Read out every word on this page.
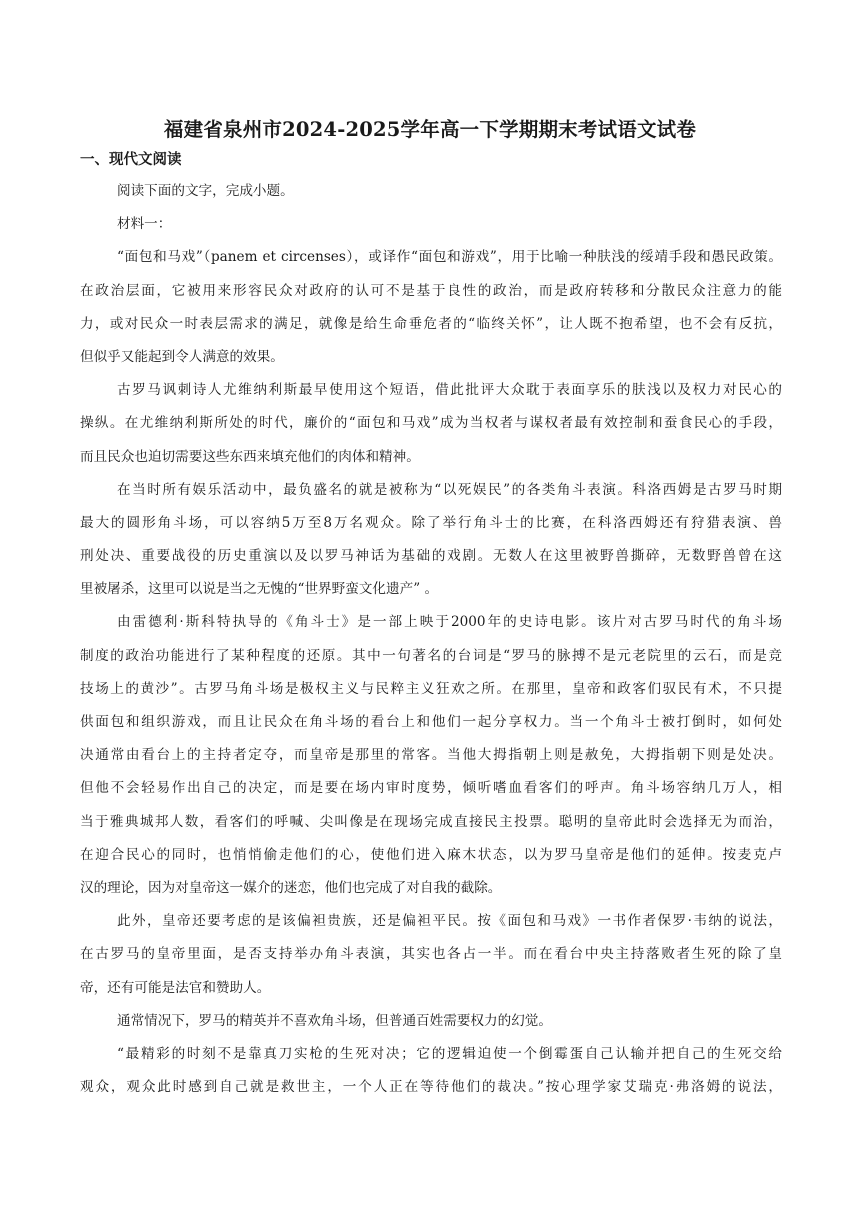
福建省泉州市2024-2025学年高一下学期期末考试语文试卷
一、现代文阅读
阅读下面的文字，完成小题。
材料一：
“面包和马戏”（panem et circenses），或译作“面包和游戏”，用于比喻一种肤浅的绥靖手段和愚民政策。
在政治层面，它被用来形容民众对政府的认可不是基于良性的政治，而是政府转移和分散民众注意力的能
力，或对民众一时表层需求的满足，就像是给生命垂危者的“临终关怀”，让人既不抱希望，也不会有反抗，
但似乎又能起到令人满意的效果。
古罗马讽刺诗人尤维纳利斯最早使用这个短语，借此批评大众耽于表面享乐的肤浅以及权力对民心的
操纵。在尤维纳利斯所处的时代，廉价的“面包和马戏”成为当权者与谋权者最有效控制和蚕食民心的手段，
而且民众也迫切需要这些东西来填充他们的肉体和精神。
在当时所有娱乐活动中，最负盛名的就是被称为“以死娱民”的各类角斗表演。科洛西姆是古罗马时期
最大的圆形角斗场，可以容纳5万至8万名观众。除了举行角斗士的比赛，在科洛西姆还有狩猎表演、兽
刑处决、重要战役的历史重演以及以罗马神话为基础的戏剧。无数人在这里被野兽撕碎，无数野兽曾在这
里被屠杀，这里可以说是当之无愧的“世界野蛮文化遗产” 。
由雷德利·斯科特执导的《角斗士》是一部上映于2000年的史诗电影。该片对古罗马时代的角斗场
制度的政治功能进行了某种程度的还原。其中一句著名的台词是“罗马的脉搏不是元老院里的云石，而是竞
技场上的黄沙”。古罗马角斗场是极权主义与民粹主义狂欢之所。在那里，皇帝和政客们驭民有术，不只提
供面包和组织游戏，而且让民众在角斗场的看台上和他们一起分享权力。当一个角斗士被打倒时，如何处
决通常由看台上的主持者定夺，而皇帝是那里的常客。当他大拇指朝上则是赦免，大拇指朝下则是处决。
但他不会轻易作出自己的决定，而是要在场内审时度势，倾听嗜血看客们的呼声。角斗场容纳几万人，相
当于雅典城邦人数，看客们的呼喊、尖叫像是在现场完成直接民主投票。聪明的皇帝此时会选择无为而治，
在迎合民心的同时，也悄悄偷走他们的心，使他们进入麻木状态，以为罗马皇帝是他们的延伸。按麦克卢
汉的理论，因为对皇帝这一媒介的迷恋，他们也完成了对自我的截除。
此外，皇帝还要考虑的是该偏袒贵族，还是偏袒平民。按《面包和马戏》一书作者保罗·韦纳的说法，
在古罗马的皇帝里面，是否支持举办角斗表演，其实也各占一半。而在看台中央主持落败者生死的除了皇
帝，还有可能是法官和赞助人。
通常情况下，罗马的精英并不喜欢角斗场，但普通百姓需要权力的幻觉。
“最精彩的时刻不是靠真刀实枪的生死对决；它的逻辑迫使一个倒霉蛋自己认输并把自己的生死交给
观众，观众此时感到自己就是救世主，一个人正在等待他们的裁决。”按心理学家艾瑞克·弗洛姆的说法，
